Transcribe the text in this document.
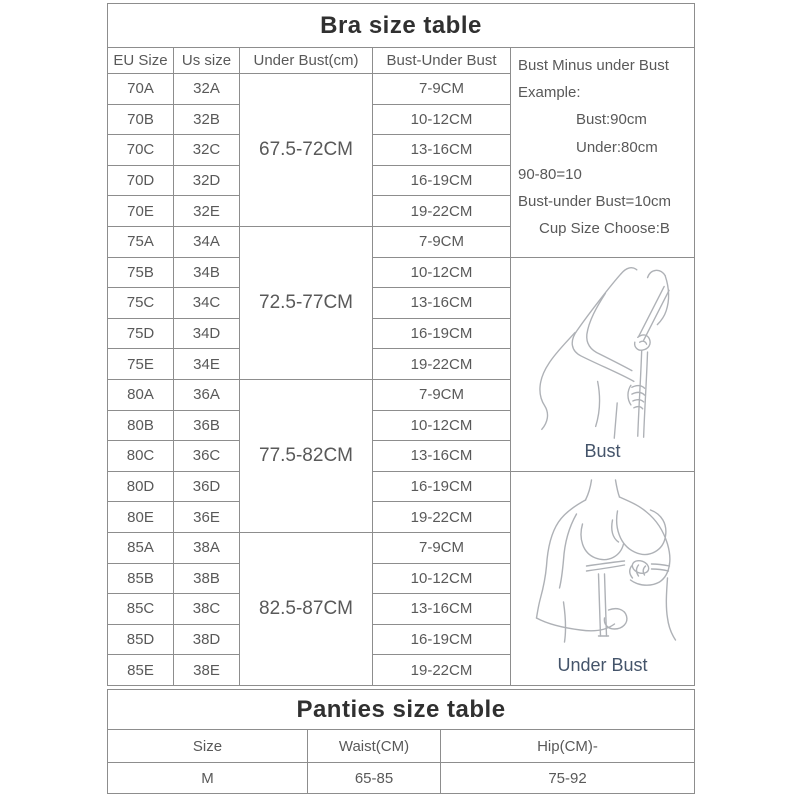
Bra size table				
EU Size	Us size	Under Bust(cm)	Bust-Under Bust	Bust Minus under Bust
Example:
Bust:90cm
Under:80cm
90-80=10
Bust-under Bust=10cm
Cup Size Choose:B

70A	32A	67.5-72CM	7-9CM	
70B	32B		10-12CM	
70C	32C		13-16CM	
70D	32D		16-19CM	
70E	32E		19-22CM	
75A	34A	72.5-77CM	7-9CM	
75B	34B		10-12CM	Bust

75C	34C		13-16CM	
75D	34D		16-19CM	
75E	34E		19-22CM	
80A	36A	77.5-82CM	7-9CM	
80B	36B		10-12CM	
80C	36C		13-16CM	
80D	36D		16-19CM	Under Bust

80E	36E		19-22CM	
85A	38A	82.5-87CM	7-9CM	
85B	38B		10-12CM	
85C	38C		13-16CM	
85D	38D		16-19CM	
85E	38E		19-22CM	
Panties size table		
Size	Waist(CM)	Hip(CM)-
M	65-85	75-92
